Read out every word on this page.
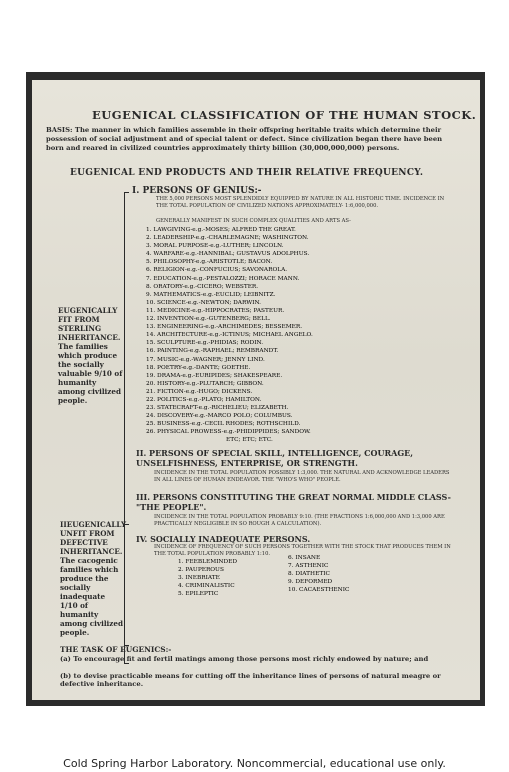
EUGENICAL CLASSIFICATION OF THE HUMAN STOCK.
BASIS: The manner in which families assemble in their offspring heritable traits which determine their possession of social adjustment and of special talent or defect. Since civilization began there have been born and reared in civilized countries approximately thirty billion (30,000,000,000) persons.
EUGENICAL END PRODUCTS AND THEIR RELATIVE FREQUENCY.
EUGENICALLY FIT FROM STERLING INHERITANCE. The families which produce the socially valuable 9/10 of humanity among civilized people.
IIEUGENICALLY UNFIT FROM DEFECTIVE INHERITANCE. The cacogenic families which produce the socially inadequate 1/10 of humanity among civilized people.
I. PERSONS OF GENIUS:-
THE 5,000 PERSONS MOST SPLENDIDLY EQUIPPED BY NATURE IN ALL HISTORIC TIME. INCIDENCE IN THE TOTAL POPULATION OF CIVILIZED NATIONS APPROXIMATELY- 1:6,000,000.
GENERALLY MANIFEST IN SUCH COMPLEX QUALITIES AND ARTS AS-
1. LAWGIVING-e.g.-MOSES; ALFRED THE GREAT.
2. LEADERSHIP-e.g.-CHARLEMAGNE; WASHINGTON.
3. MORAL PURPOSE-e.g.-LUTHER; LINCOLN.
4. WARFARE-e.g.-HANNIBAL; GUSTAVUS ADOLPHUS.
5. PHILOSOPHY-e.g.-ARISTOTLE; BACON.
6. RELIGION-e.g.-CONFUCIUS; SAVONAROLA.
7. EDUCATION-e.g.-PESTALOZZI; HORACE MANN.
8. ORATORY-e.g.-CICERO; WEBSTER.
9. MATHEMATICS-e.g.-EUCLID; LEIBNITZ.
10. SCIENCE-e.g.-NEWTON; DARWIN.
11. MEDICINE-e.g.-HIPPOCRATES; PASTEUR.
12. INVENTION-e.g.-GUTENBERG; BELL.
13. ENGINEERING-e.g.-ARCHIMEDES; BESSEMER.
14. ARCHITECTURE-e.g.-ICTINUS; MICHAEL ANGELO.
15. SCULPTURE-e.g.-PHIDIAS; RODIN.
16. PAINTING-e.g.-RAPHAEL; REMBRANDT.
17. MUSIC-e.g.-WAGNER; JENNY LIND.
18. POETRY-e.g.-DANTE; GOETHE.
19. DRAMA-e.g.-EURIPIDES; SHAKESPEARE.
20. HISTORY-e.g.-PLUTARCH; GIBBON.
21. FICTION-e.g.-HUGO; DICKENS.
22. POLITICS-e.g.-PLATO; HAMILTON.
23. STATECRAFT-e.g.-RICHELIEU; ELIZABETH.
24. DISCOVERY-e.g.-MARCO POLO; COLUMBUS.
25. BUSINESS-e.g.-CECIL RHODES; ROTHSCHILD.
26. PHYSICAL PROWESS-e.g.-PHIDIPPIDES; SANDOW.
ETC; ETC; ETC.
II. PERSONS OF SPECIAL SKILL, INTELLIGENCE, COURAGE, UNSELFISHNESS, ENTERPRISE, OR STRENGTH.
INCIDENCE IN THE TOTAL POPULATION POSSIBLY 1:3,000. THE NATURAL AND ACKNOWLEDGE LEADERS IN ALL LINES OF HUMAN ENDEAVOR. THE "WHO'S WHO" PEOPLE.
III. PERSONS CONSTITUTING THE GREAT NORMAL MIDDLE CLASS- "THE PEOPLE".
INCIDENCE IN THE TOTAL POPULATION PROBABLY 9:10. (THE FRACTIONS 1:6,000,000 AND 1:3,000 ARE PRACTICALLY NEGLIGIBLE IN SO ROUGH A CALCULATION).
IV. SOCIALLY INADEQUATE PERSONS.
INCIDENCE OF FREQUENCY OF SUCH PERSONS TOGETHER WITH THE STOCK THAT PRODUCES THEM IN THE TOTAL POPULATION PROBABLY 1:10.
1. FEEBLEMINDED
2. PAUPEROUS
3. INEBRIATE
4. CRIMINALISTIC
5. EPILEPTIC
6. INSANE
7. ASTHENIC
8. DIATHETIC
9. DEFORMED
10. CACAESTHENIC
THE TASK OF EUGENICS:-
(a) To encourage fit and fertil matings among those persons most richly endowed by nature; and
(b) to devise practicable means for cutting off the inheritance lines of persons of natural meagre or defective inheritance.
Cold Spring Harbor Laboratory. Noncommercial, educational use only.
